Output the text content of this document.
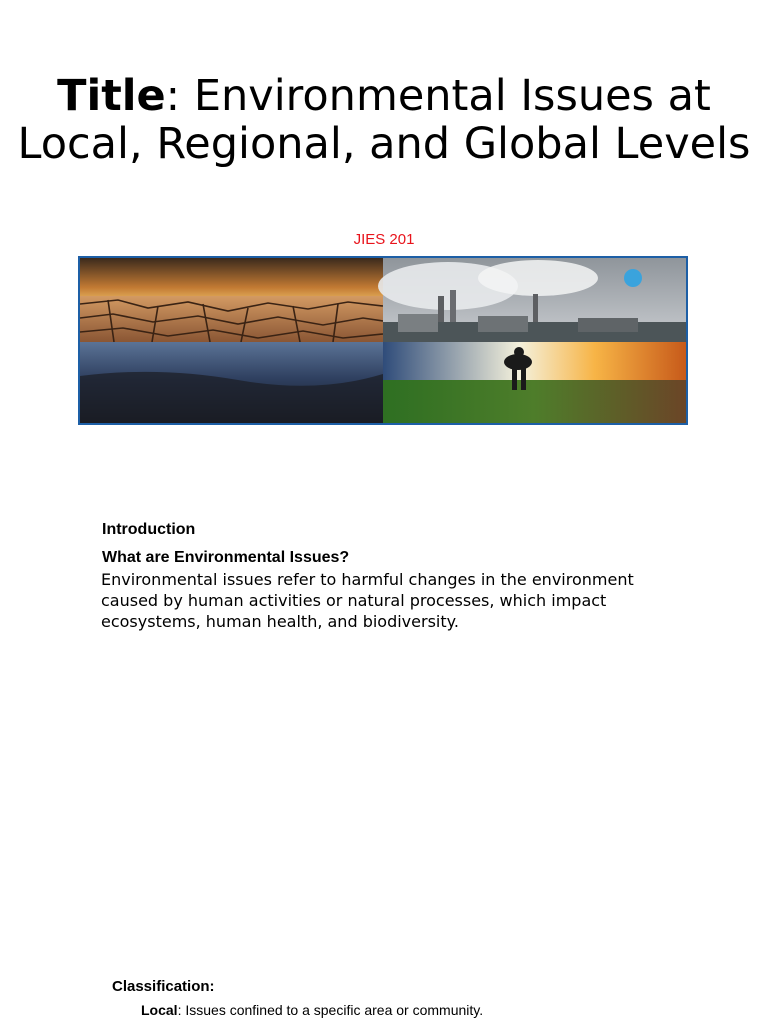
Title: Environmental Issues at Local, Regional, and Global Levels
JIES 201
Introduction
What are Environmental Issues?
Environmental issues refer to harmful changes in the environment caused by human activities or natural processes, which impact ecosystems, human health, and biodiversity.
Classification:
Local: Issues confined to a specific area or community.
